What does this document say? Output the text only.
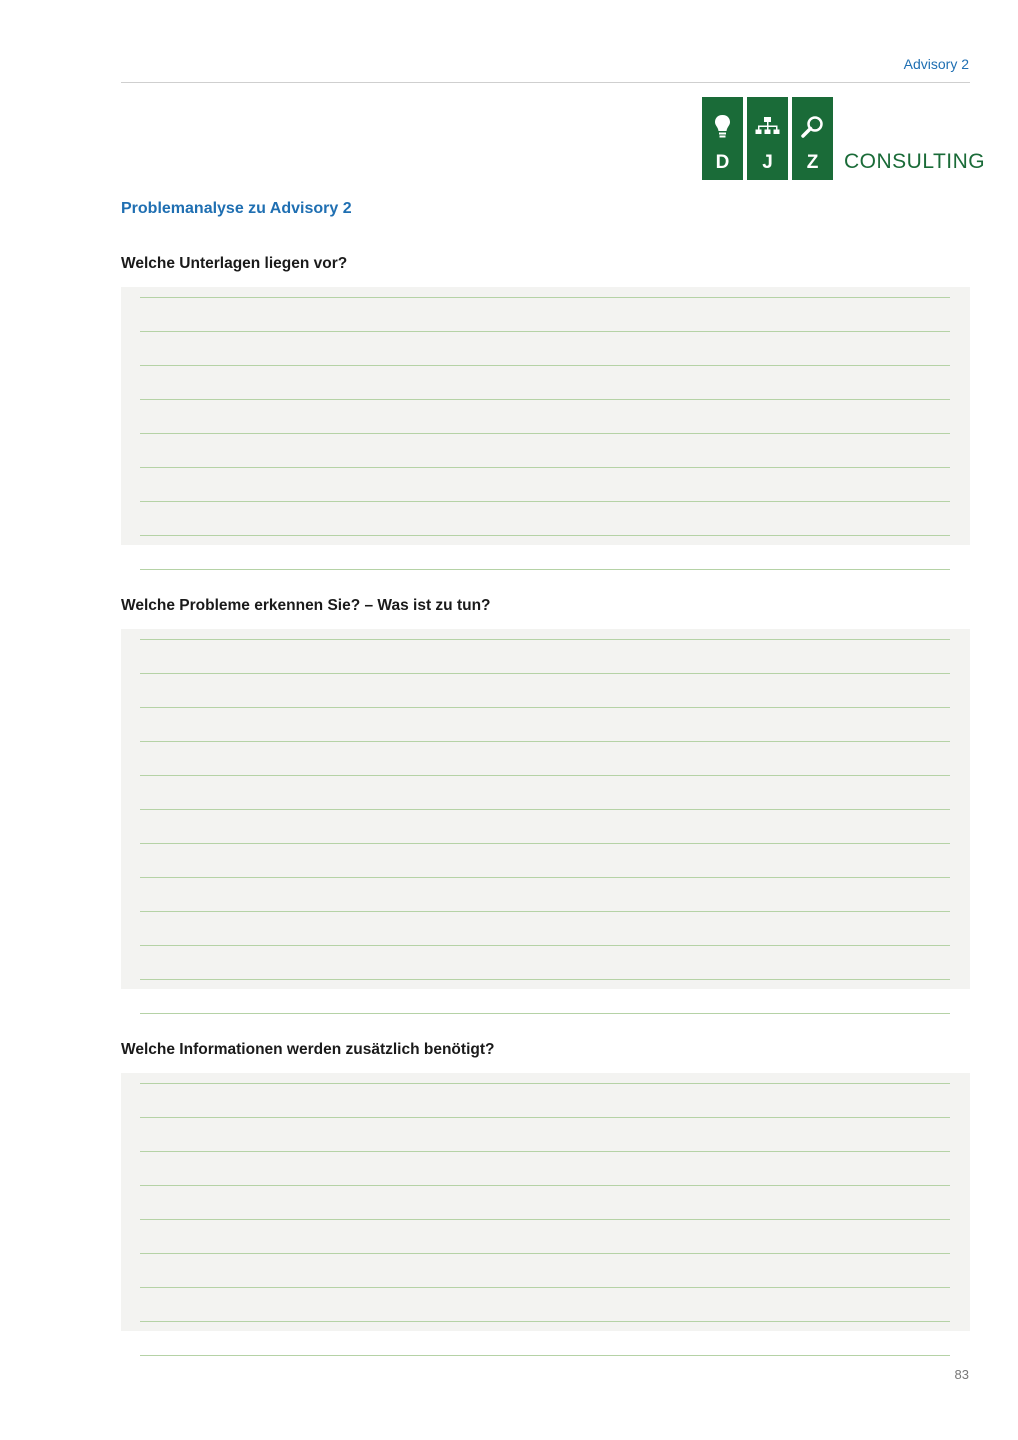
Advisory 2
D	J	Z	CONSULTING
Problemanalyse zu Advisory 2
Welche Unterlagen liegen vor?
Welche Probleme erkennen Sie? – Was ist zu tun?
Welche Informationen werden zusätzlich benötigt?
83
